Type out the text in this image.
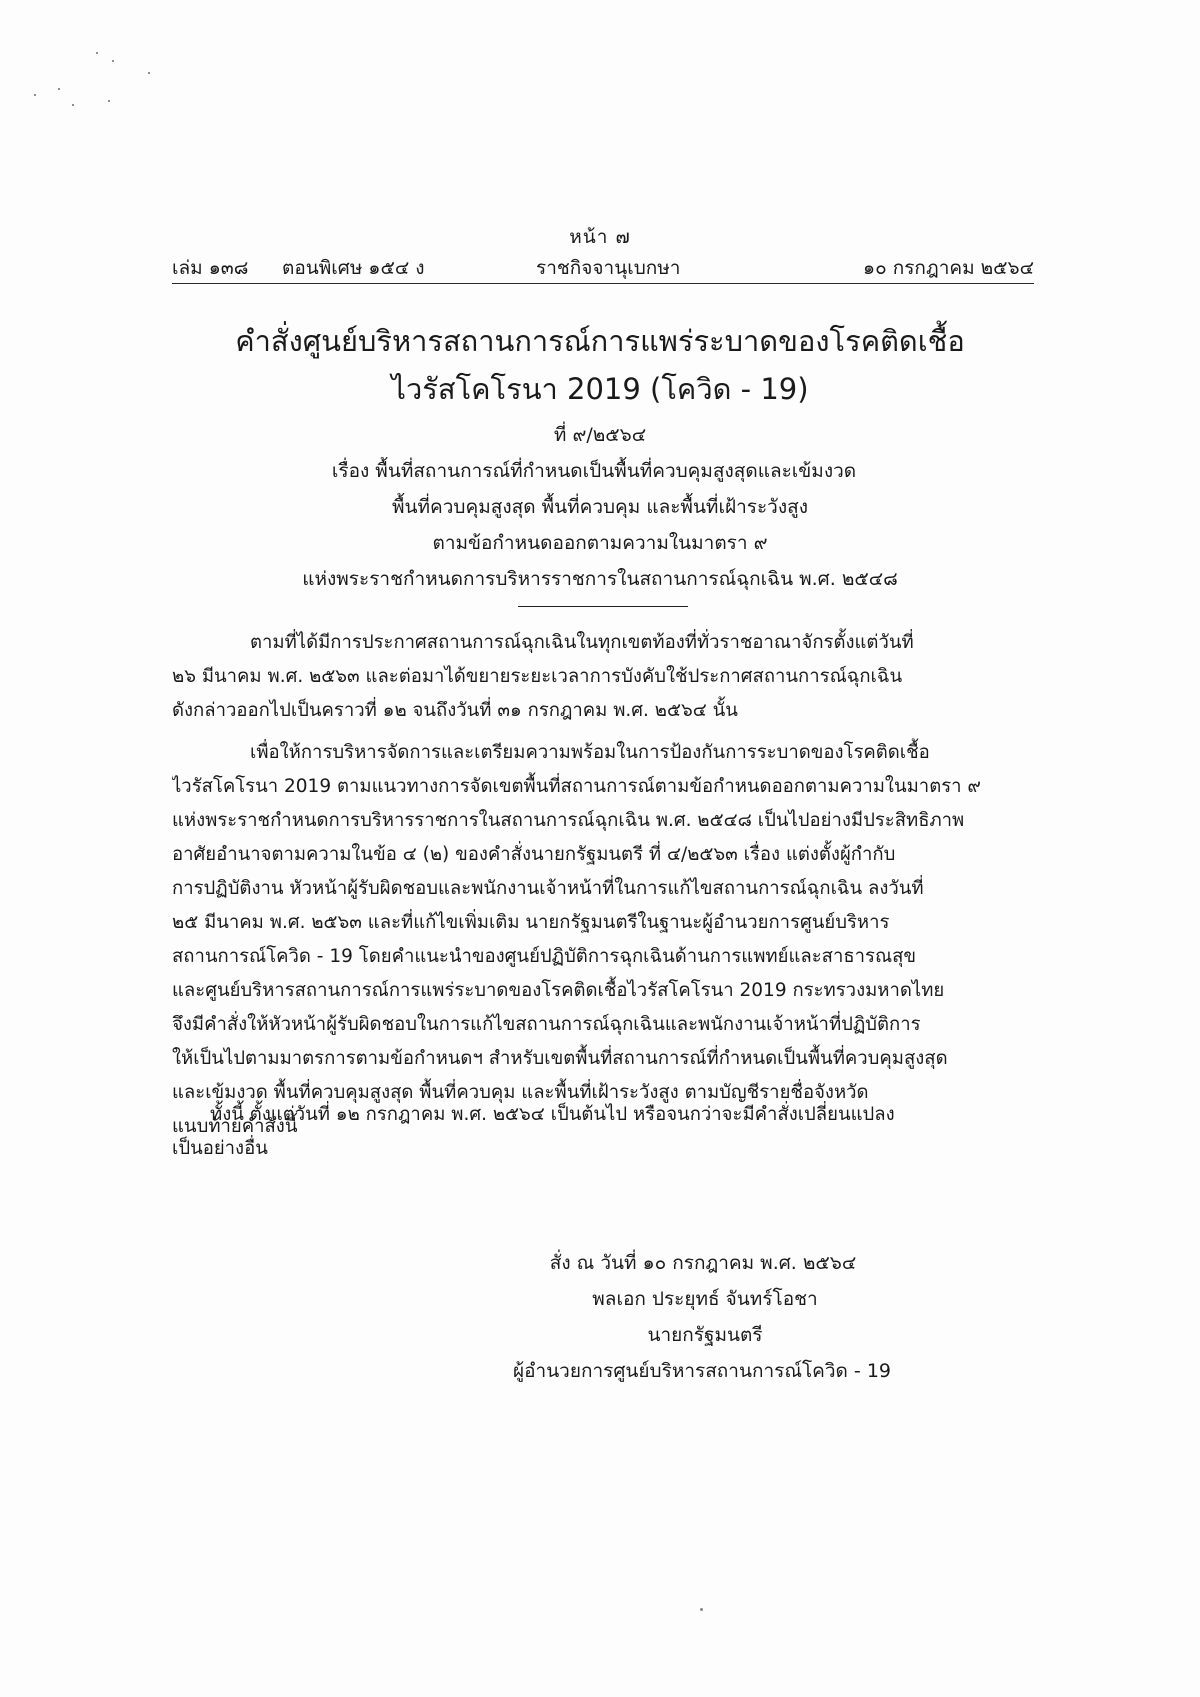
หน้า ๗
เล่ม ๑๓๘ ตอนพิเศษ ๑๕๔ ง	ราชกิจจานุเบกษา	๑๐ กรกฎาคม ๒๕๖๔
คำสั่งศูนย์บริหารสถานการณ์การแพร่ระบาดของโรคติดเชื้อ
ไวรัสโคโรนา 2019 (โควิด - 19)
ที่ ๙/๒๕๖๔
เรื่อง พื้นที่สถานการณ์ที่กำหนดเป็นพื้นที่ควบคุมสูงสุดและเข้มงวด
พื้นที่ควบคุมสูงสุด พื้นที่ควบคุม และพื้นที่เฝ้าระวังสูง
ตามข้อกำหนดออกตามความในมาตรา ๙
แห่งพระราชกำหนดการบริหารราชการในสถานการณ์ฉุกเฉิน พ.ศ. ๒๕๔๘
ตามที่ได้มีการประกาศสถานการณ์ฉุกเฉินในทุกเขตท้องที่ทั่วราชอาณาจักรตั้งแต่วันที่
๒๖ มีนาคม พ.ศ. ๒๕๖๓ และต่อมาได้ขยายระยะเวลาการบังคับใช้ประกาศสถานการณ์ฉุกเฉิน
ดังกล่าวออกไปเป็นคราวที่ ๑๒ จนถึงวันที่ ๓๑ กรกฎาคม พ.ศ. ๒๕๖๔ นั้น
เพื่อให้การบริหารจัดการและเตรียมความพร้อมในการป้องกันการระบาดของโรคติดเชื้อ
ไวรัสโคโรนา 2019 ตามแนวทางการจัดเขตพื้นที่สถานการณ์ตามข้อกำหนดออกตามความในมาตรา ๙
แห่งพระราชกำหนดการบริหารราชการในสถานการณ์ฉุกเฉิน พ.ศ. ๒๕๔๘ เป็นไปอย่างมีประสิทธิภาพ
อาศัยอำนาจตามความในข้อ ๔ (๒) ของคำสั่งนายกรัฐมนตรี ที่ ๔/๒๕๖๓ เรื่อง แต่งตั้งผู้กำกับ
การปฏิบัติงาน หัวหน้าผู้รับผิดชอบและพนักงานเจ้าหน้าที่ในการแก้ไขสถานการณ์ฉุกเฉิน ลงวันที่
๒๕ มีนาคม พ.ศ. ๒๕๖๓ และที่แก้ไขเพิ่มเติม นายกรัฐมนตรีในฐานะผู้อำนวยการศูนย์บริหาร
สถานการณ์โควิด - 19 โดยคำแนะนำของศูนย์ปฏิบัติการฉุกเฉินด้านการแพทย์และสาธารณสุข
และศูนย์บริหารสถานการณ์การแพร่ระบาดของโรคติดเชื้อไวรัสโคโรนา 2019 กระทรวงมหาดไทย
จึงมีคำสั่งให้หัวหน้าผู้รับผิดชอบในการแก้ไขสถานการณ์ฉุกเฉินและพนักงานเจ้าหน้าที่ปฏิบัติการ
ให้เป็นไปตามมาตรการตามข้อกำหนดฯ สำหรับเขตพื้นที่สถานการณ์ที่กำหนดเป็นพื้นที่ควบคุมสูงสุด
และเข้มงวด พื้นที่ควบคุมสูงสุด พื้นที่ควบคุม และพื้นที่เฝ้าระวังสูง ตามบัญชีรายชื่อจังหวัด
แนบท้ายคำสั่งนี้
ทั้งนี้ ตั้งแต่วันที่ ๑๒ กรกฎาคม พ.ศ. ๒๕๖๔ เป็นต้นไป หรือจนกว่าจะมีคำสั่งเปลี่ยนแปลง
เป็นอย่างอื่น
สั่ง ณ วันที่ ๑๐ กรกฎาคม พ.ศ. ๒๕๖๔
พลเอก ประยุทธ์ จันทร์โอชา
นายกรัฐมนตรี
ผู้อำนวยการศูนย์บริหารสถานการณ์โควิด - 19
